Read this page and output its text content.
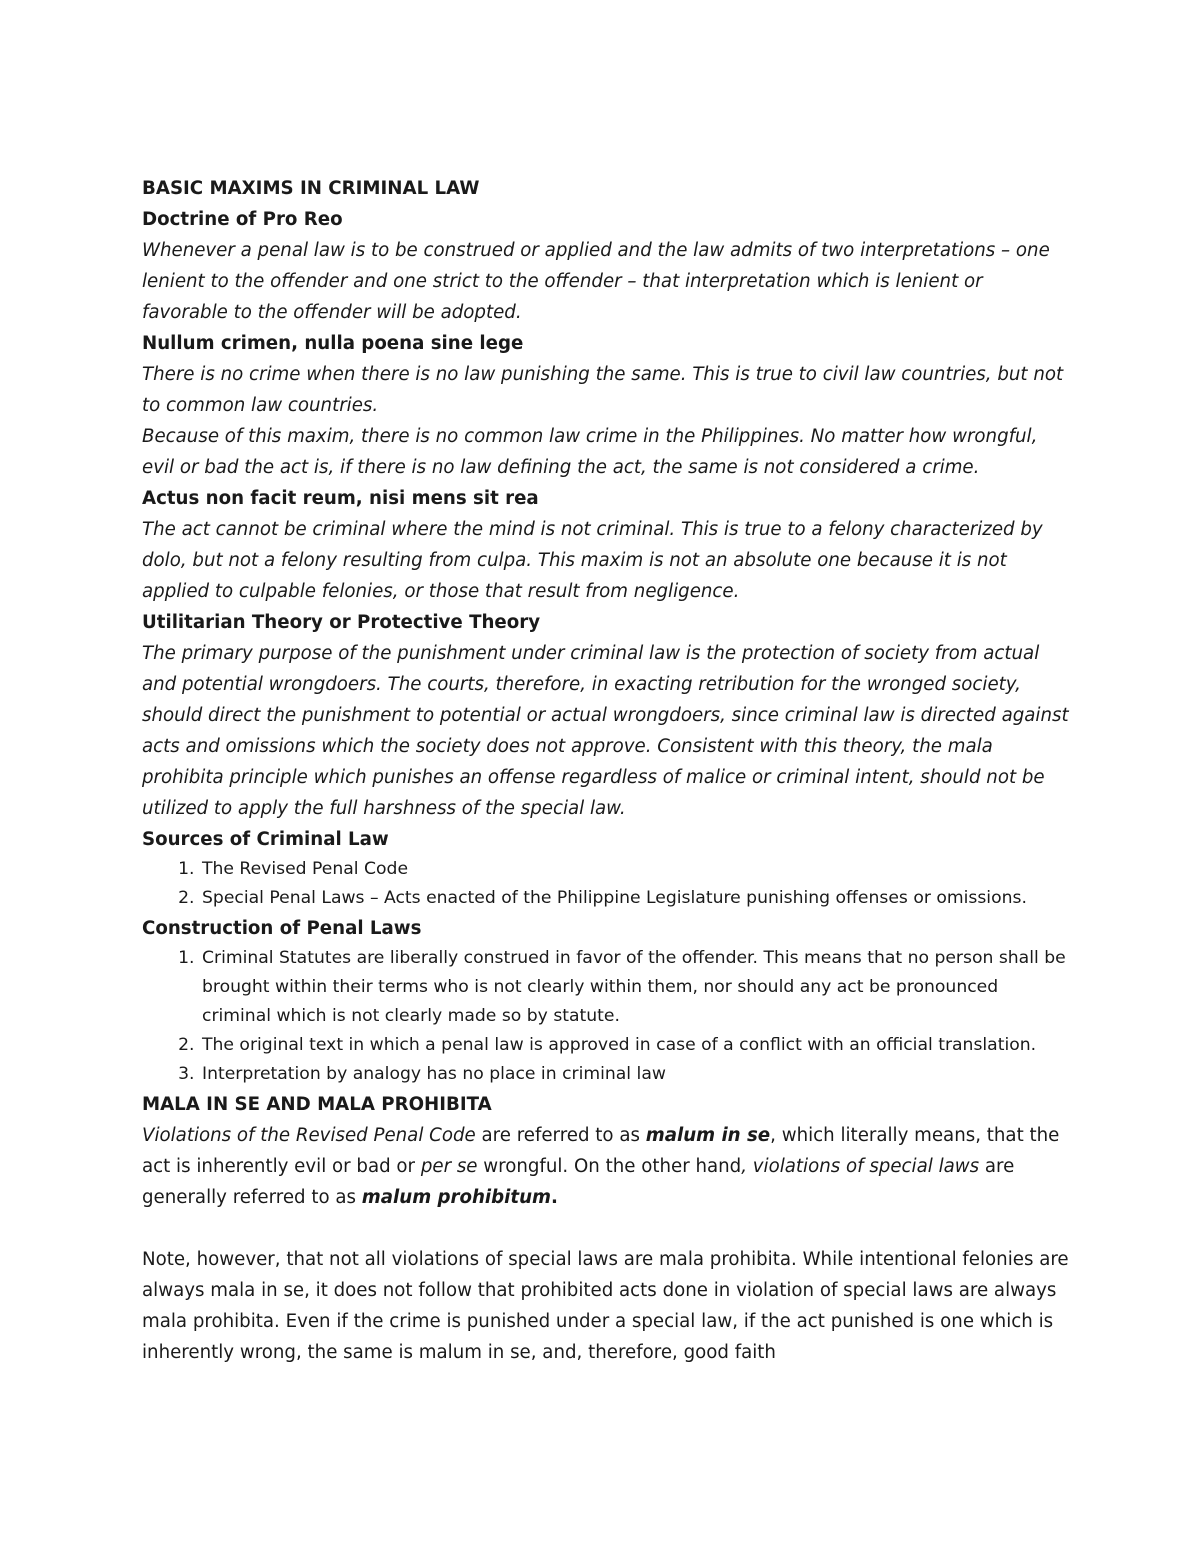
BASIC MAXIMS IN CRIMINAL LAW

Doctrine of Pro Reo

Whenever a penal law is to be construed or applied and the law admits of two interpretations – one lenient to the offender and one strict to the offender – that interpretation which is lenient or favorable to the offender will be adopted.

Nullum crimen, nulla poena sine lege

There is no crime when there is no law punishing the same. This is true to civil law countries, but not to common law countries.

Because of this maxim, there is no common law crime in the Philippines. No matter how wrongful, evil or bad the act is, if there is no law defining the act, the same is not considered a crime.

Actus non facit reum, nisi mens sit rea

The act cannot be criminal where the mind is not criminal. This is true to a felony characterized by dolo, but not a felony resulting from culpa. This maxim is not an absolute one because it is not applied to culpable felonies, or those that result from negligence.

Utilitarian Theory or Protective Theory

The primary purpose of the punishment under criminal law is the protection of society from actual and potential wrongdoers. The courts, therefore, in exacting retribution for the wronged society, should direct the punishment to potential or actual wrongdoers, since criminal law is directed against acts and omissions which the society does not approve. Consistent with this theory, the mala prohibita principle which punishes an offense regardless of malice or criminal intent, should not be utilized to apply the full harshness of the special law.

Sources of Criminal Law

1. The Revised Penal Code
2. Special Penal Laws – Acts enacted of the Philippine Legislature punishing offenses or omissions.

Construction of Penal Laws

1. Criminal Statutes are liberally construed in favor of the offender. This means that no person shall be brought within their terms who is not clearly within them, nor should any act be pronounced criminal which is not clearly made so by statute.
2. The original text in which a penal law is approved in case of a conflict with an official translation.
3. Interpretation by analogy has no place in criminal law

MALA IN SE AND MALA PROHIBITA

Violations of the Revised Penal Code are referred to as malum in se, which literally means, that the act is inherently evil or bad or per se wrongful. On the other hand, violations of special laws are generally referred to as malum prohibitum.

Note, however, that not all violations of special laws are mala prohibita. While intentional felonies are always mala in se, it does not follow that prohibited acts done in violation of special laws are always mala prohibita. Even if the crime is punished under a special law, if the act punished is one which is inherently wrong, the same is malum in se, and, therefore, good faith
